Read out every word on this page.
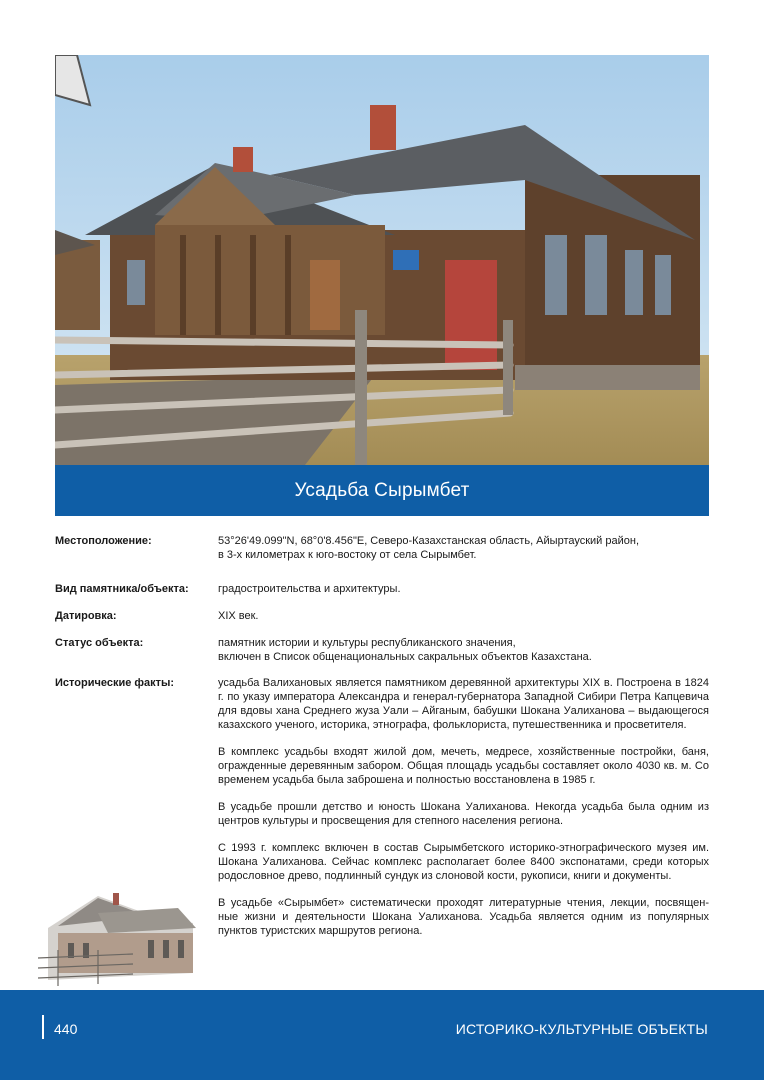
Усадьба Сырымбет
Местоположение:	53°26'49.099"N, 68°0'8.456"E, Северо-Казахстанская область, Айыртауский район,

в 3-х километрах к юго-востоку от села Сырымбет.

Вид памятника/объекта:	градостроительства и архитектуры.
Датировка:	XIX век.
Статус объекта:	памятник истории и культуры республиканского значения,

включен в Список общенациональных сакральных объектов Казахстана.

Исторические факты:	усадьба Валихановых является памятником деревянной архитектуры XIX в. Построена в 1824 г. по указу императора Александра и генерал-губернатора Западной Сибири Петра Капцевича для вдовы хана Среднего жуза Уали – Айганым, бабушки Шокана Уалиханова – выдающегося казахского ученого, историка, этнографа, фольклориста, путешественника и просветителя.

В комплекс усадьбы входят жилой дом, мечеть, медресе, хозяйственные постройки, баня, огражденные деревянным забором. Общая площадь усадьбы составляет около 4030 кв. м. Со временем усадьба была заброшена и полностью восстановлена в 1985 г.

В усадьбе прошли детство и юность Шокана Уалиханова. Некогда усадьба была одним из центров культуры и просвещения для степного населения региона.

С 1993 г. комплекс включен в состав Сырымбетского историко-этнографического музея им. Шокана Уалиханова. Сейчас комплекс располагает более 8400 экспонатами, среди которых родословное древо, подлинный сундук из слоновой кости, рукописи, книги и документы.

В усадьбе «Сырымбет» систематически проходят литературные чтения, лекции, посвящен-ные жизни и деятельности Шокана Уалиханова. Усадьба является одним из популярных пунктов туристских маршрутов региона.

440	ИСТОРИКО-КУЛЬТУРНЫЕ ОБЪЕКТЫ
